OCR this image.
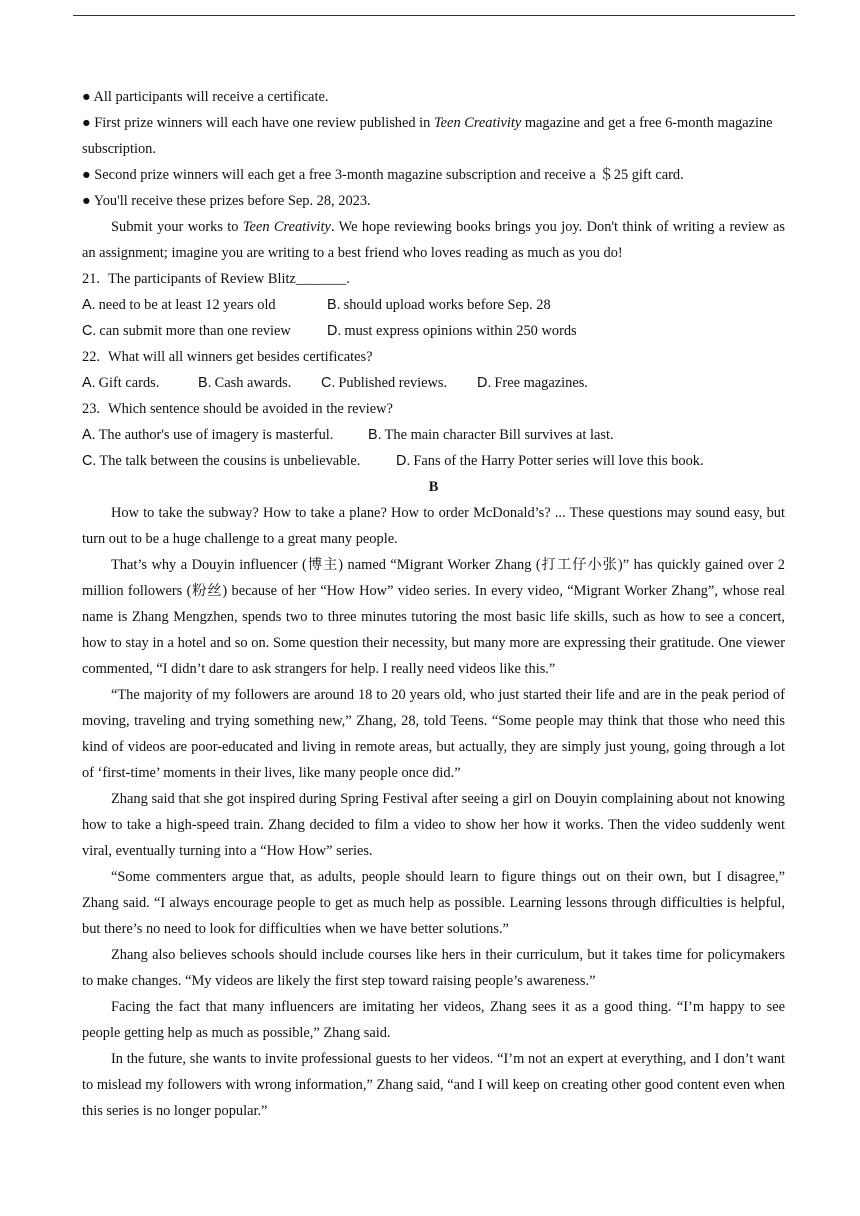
● All participants will receive a certificate.

● First prize winners will each have one review published in Teen Creativity magazine and get a free 6-month magazine subscription.

● Second prize winners will each get a free 3-month magazine subscription and receive a ＄25 gift card.

● You'll receive these prizes before Sep. 28, 2023.

Submit your works to Teen Creativity. We hope reviewing books brings you joy. Don't think of writing a review as an assignment; imagine you are writing to a best friend who loves reading as much as you do!

21. The participants of Review Blitz_______.

A. need to be at least 12 years old	B. should upload works before Sep. 28

C. can submit more than one review	D. must express opinions within 250 words

22. What will all winners get besides certificates?

A. Gift cards.	B. Cash awards. C. Published reviews. D. Free magazines.

23. Which sentence should be avoided in the review?

A. The author's use of imagery is masterful. B. The main character Bill survives at last.

C. The talk between the cousins is unbelievable. D. Fans of the Harry Potter series will love this book.

B

How to take the subway? How to take a plane? How to order McDonald’s? ... These questions may sound easy, but turn out to be a huge challenge to a great many people.

That’s why a Douyin influencer (博主) named “Migrant Worker Zhang (打工仔小张)” has quickly gained over 2 million followers (粉丝) because of her “How How” video series. In every video, “Migrant Worker Zhang”, whose real name is Zhang Mengzhen, spends two to three minutes tutoring the most basic life skills, such as how to see a concert, how to stay in a hotel and so on. Some question their necessity, but many more are expressing their gratitude. One viewer commented, “I didn’t dare to ask strangers for help. I really need videos like this.”

“The majority of my followers are around 18 to 20 years old, who just started their life and are in the peak period of moving, traveling and trying something new,” Zhang, 28, told Teens. “Some people may think that those who need this kind of videos are poor-educated and living in remote areas, but actually, they are simply just young, going through a lot of ‘first-time’ moments in their lives, like many people once did.”

Zhang said that she got inspired during Spring Festival after seeing a girl on Douyin complaining about not knowing how to take a high-speed train. Zhang decided to film a video to show her how it works. Then the video suddenly went viral, eventually turning into a “How How” series.

“Some commenters argue that, as adults, people should learn to figure things out on their own, but I disagree,” Zhang said. “I always encourage people to get as much help as possible. Learning lessons through difficulties is helpful, but there’s no need to look for difficulties when we have better solutions.”

Zhang also believes schools should include courses like hers in their curriculum, but it takes time for policymakers to make changes. “My videos are likely the first step toward raising people’s awareness.”

Facing the fact that many influencers are imitating her videos, Zhang sees it as a good thing. “I’m happy to see people getting help as much as possible,” Zhang said.

In the future, she wants to invite professional guests to her videos. “I’m not an expert at everything, and I don’t want to mislead my followers with wrong information,” Zhang said, “and I will keep on creating other good content even when this series is no longer popular.”
